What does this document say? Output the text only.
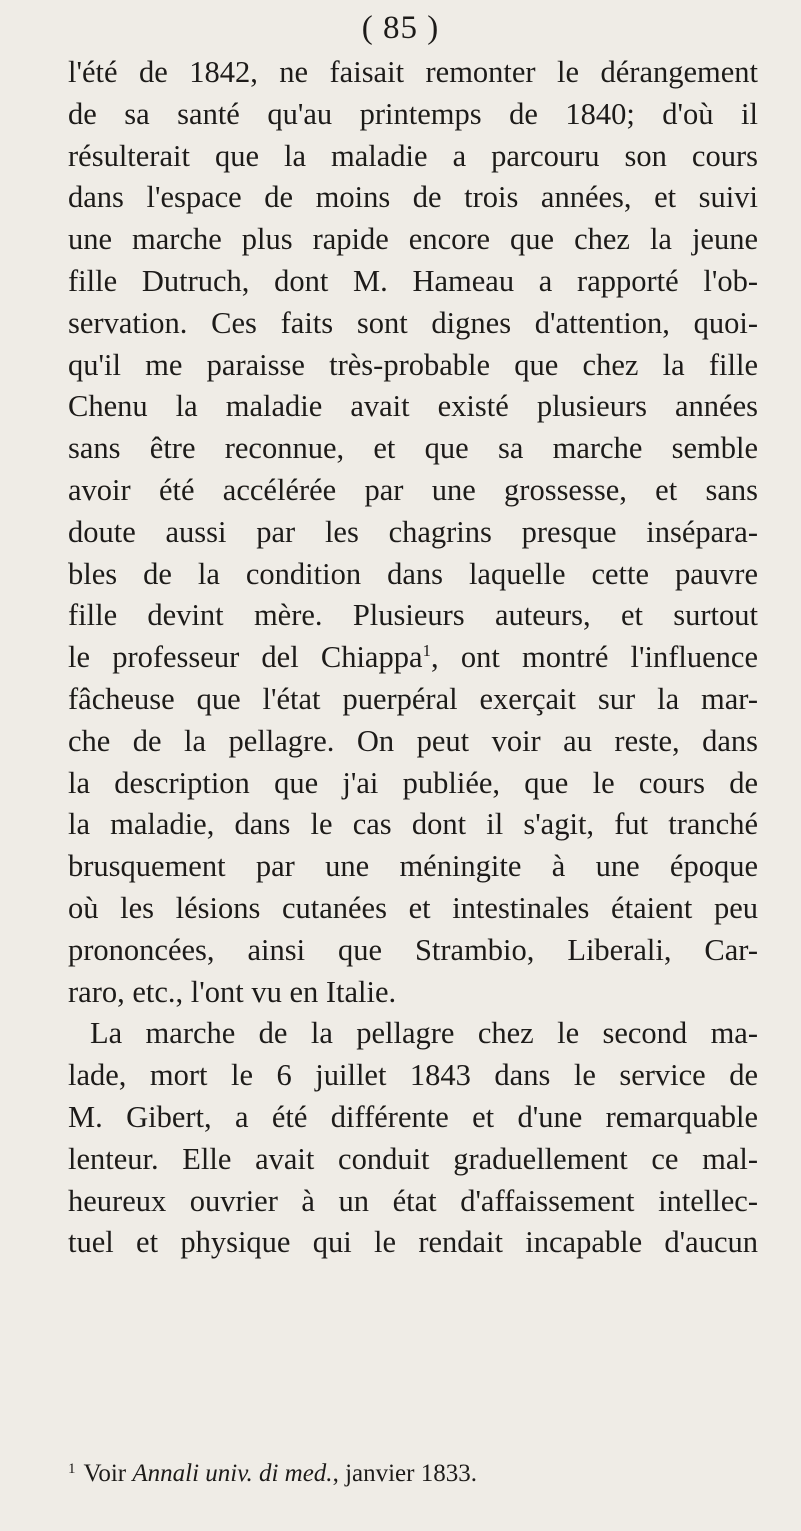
( 85 )
l'été de 1842, ne faisait remonter le dérangement
de sa santé qu'au printemps de 1840; d'où il
résulterait que la maladie a parcouru son cours
dans l'espace de moins de trois années, et suivi
une marche plus rapide encore que chez la jeune
fille Dutruch, dont M. Hameau a rapporté l'ob-
servation. Ces faits sont dignes d'attention, quoi-
qu'il me paraisse très-probable que chez la fille
Chenu la maladie avait existé plusieurs années
sans être reconnue, et que sa marche semble
avoir été accélérée par une grossesse, et sans
doute aussi par les chagrins presque insépara-
bles de la condition dans laquelle cette pauvre
fille devint mère. Plusieurs auteurs, et surtout
le professeur del Chiappa$^1$, ont montré l'influence
fâcheuse que l'état puerpéral exerçait sur la mar-
che de la pellagre. On peut voir au reste, dans
la description que j'ai publiée, que le cours de
la maladie, dans le cas dont il s'agit, fut tranché
brusquement par une méningite à une époque
où les lésions cutanées et intestinales étaient peu
prononcées, ainsi que Strambio, Liberali, Car-
raro, etc., l'ont vu en Italie.
La marche de la pellagre chez le second ma-
lade, mort le 6 juillet 1843 dans le service de
M. Gibert, a été différente et d'une remarquable
lenteur. Elle avait conduit graduellement ce mal-
heureux ouvrier à un état d'affaissement intellec-
tuel et physique qui le rendait incapable d'aucun
$^1$ Voir Annali univ. di med., janvier 1833.
